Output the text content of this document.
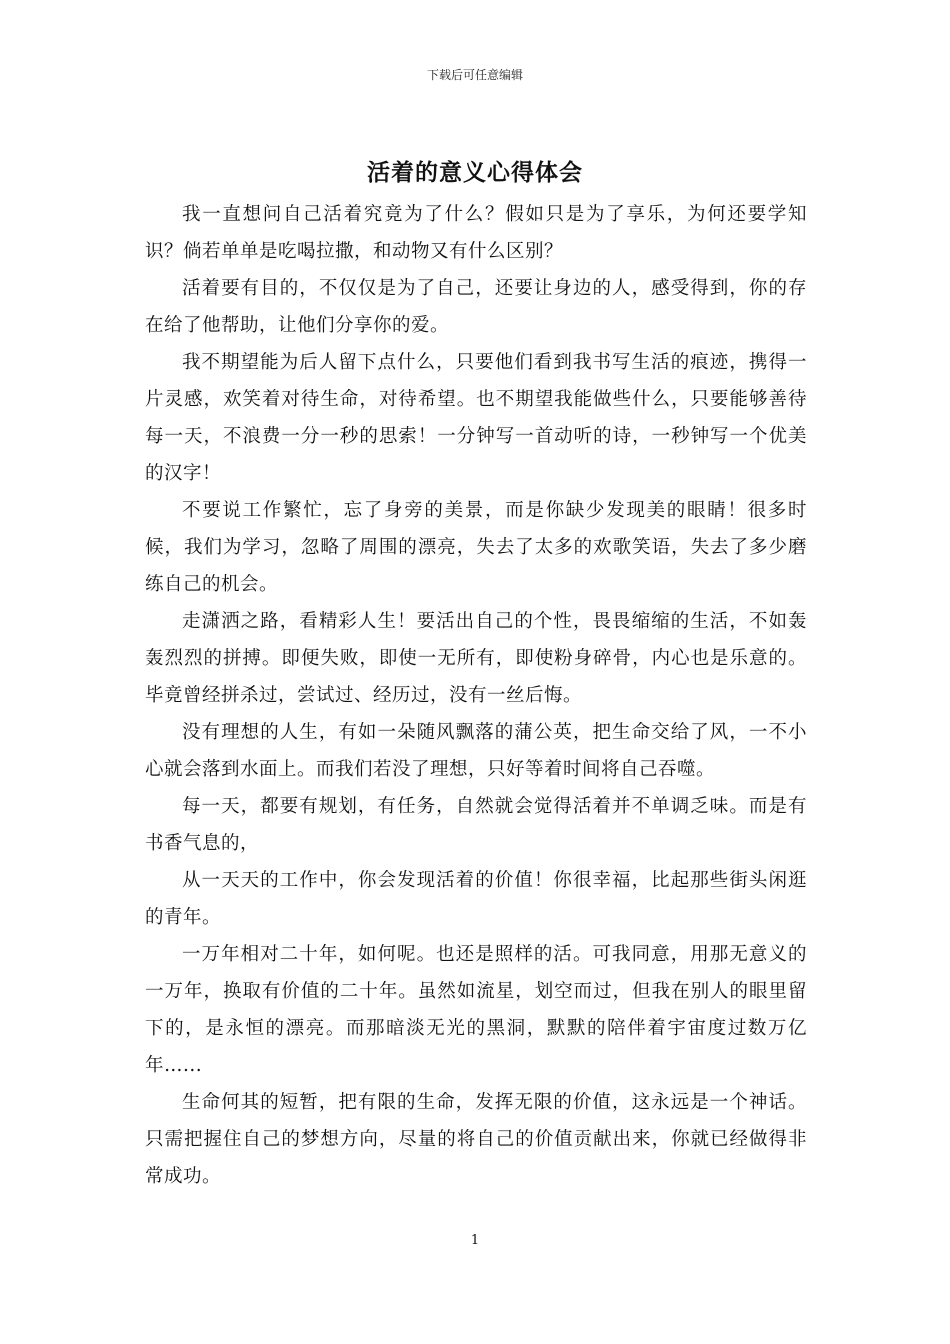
下载后可任意编辑
活着的意义心得体会

我一直想问自己活着究竟为了什么？假如只是为了享乐，为何还要学知识？倘若单单是吃喝拉撒，和动物又有什么区别？

活着要有目的，不仅仅是为了自己，还要让身边的人，感受得到，你的存在给了他帮助，让他们分享你的爱。

我不期望能为后人留下点什么，只要他们看到我书写生活的痕迹，携得一片灵感，欢笑着对待生命，对待希望。也不期望我能做些什么，只要能够善待每一天，不浪费一分一秒的思索！一分钟写一首动听的诗，一秒钟写一个优美的汉字！

不要说工作繁忙，忘了身旁的美景，而是你缺少发现美的眼睛！很多时候，我们为学习，忽略了周围的漂亮，失去了太多的欢歌笑语，失去了多少磨练自己的机会。

走潇洒之路，看精彩人生！要活出自己的个性，畏畏缩缩的生活，不如轰轰烈烈的拼搏。即便失败，即使一无所有，即使粉身碎骨，内心也是乐意的。毕竟曾经拼杀过，尝试过、经历过，没有一丝后悔。

没有理想的人生，有如一朵随风飘落的蒲公英，把生命交给了风，一不小心就会落到水面上。而我们若没了理想，只好等着时间将自己吞噬。

每一天，都要有规划，有任务，自然就会觉得活着并不单调乏味。而是有书香气息的，

从一天天的工作中，你会发现活着的价值！你很幸福，比起那些街头闲逛的青年。

一万年相对二十年，如何呢。也还是照样的活。可我同意，用那无意义的一万年，换取有价值的二十年。虽然如流星，划空而过，但我在别人的眼里留下的，是永恒的漂亮。而那暗淡无光的黑洞，默默的陪伴着宇宙度过数万亿年…...

生命何其的短暂，把有限的生命，发挥无限的价值，这永远是一个神话。只需把握住自己的梦想方向，尽量的将自己的价值贡献出来，你就已经做得非常成功。

1
